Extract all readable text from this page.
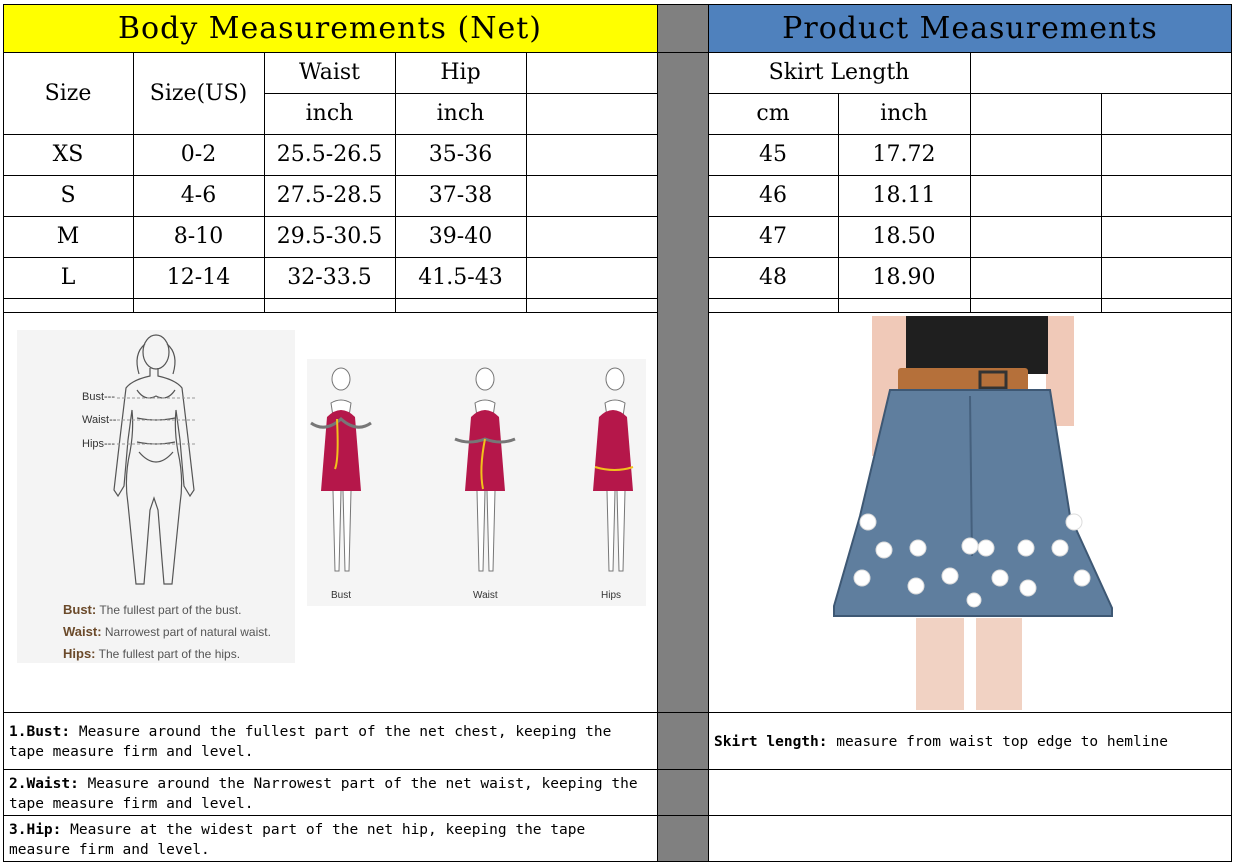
Body Measurements (Net)	Product Measurements
Size	Size(US)
Waist	Hip
inch	inch
XS	0-2	25.5-26.5	35-36
S	4-6	27.5-28.5	37-38
M	8-10	29.5-30.5	39-40
L	12-14	32-33.5	41.5-43
Skirt Length
cm	inch
45	17.72
46	18.11
47	18.50
48	18.90
Bust---
Waist--
Hips---
Bust: The fullest part of the bust.
Waist: Narrowest part of natural waist.
Hips: The fullest part of the hips.
Bust	Waist	Hips
1.Bust: Measure around the fullest part of the net chest, keeping the tape measure firm and level.
2.Waist: Measure around the Narrowest part of the net waist, keeping the tape measure firm and level.
3.Hip: Measure at the widest part of the net hip, keeping the tape measure firm and level.
Skirt length: measure from waist top edge to hemline
